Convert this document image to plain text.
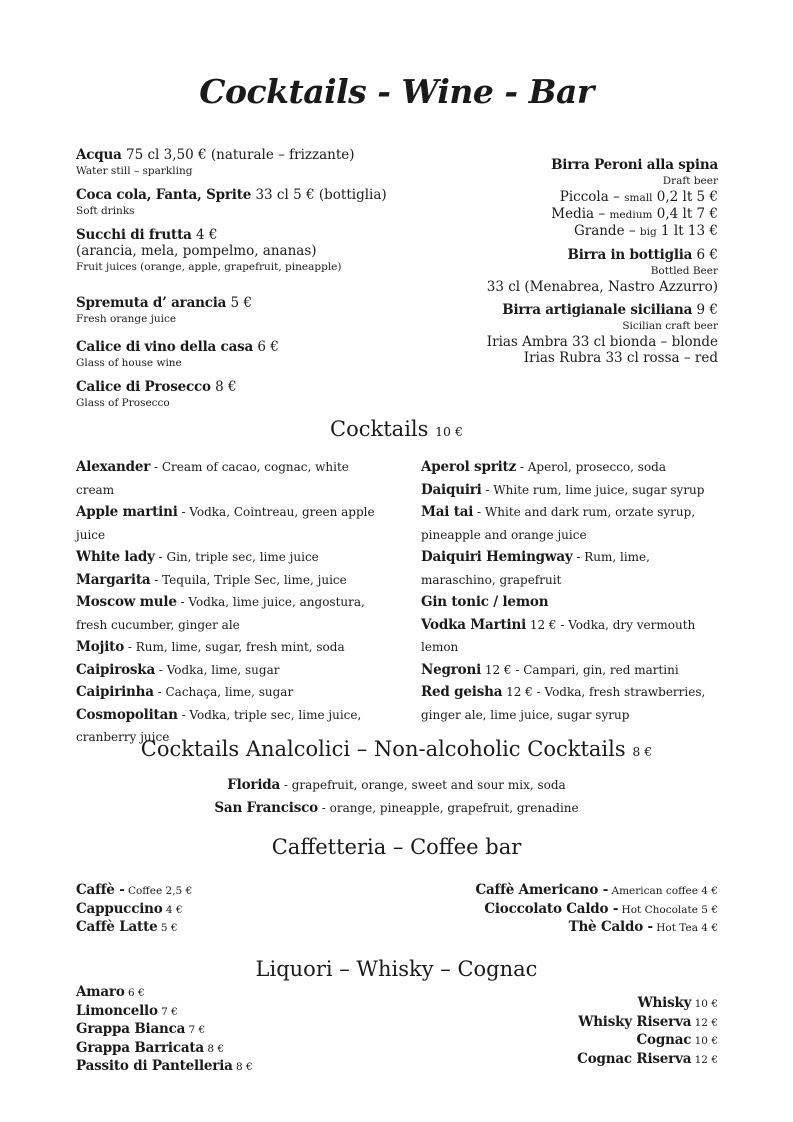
Cocktails - Wine - Bar

Acqua 75 cl 3,50 € (naturale – frizzante)

Water still – sparkling

Coca cola, Fanta, Sprite 33 cl 5 € (bottiglia)

Soft drinks

Succhi di frutta 4 €

(arancia, mela, pompelmo, ananas)

Fruit juices (orange, apple, grapefruit, pineapple)

Spremuta d’ arancia 5 €

Fresh orange juice

Calice di vino della casa 6 €

Glass of house wine

Calice di Prosecco 8 €

Glass of Prosecco

Birra Peroni alla spina

Draft beer

Piccola – small 0,2 lt 5 €

Media – medium 0,4 lt 7 €

Grande – big 1 lt 13 €

Birra in bottiglia 6 €

Bottled Beer

33 cl (Menabrea, Nastro Azzurro)

Birra artigianale siciliana 9 €

Sicilian craft beer

Irias Ambra 33 cl bionda – blonde

Irias Rubra 33 cl rossa – red

Cocktails 10 €

Alexander - Cream of cacao, cognac, white cream

Apple martini - Vodka, Cointreau, green apple juice

White lady - Gin, triple sec, lime juice

Margarita - Tequila, Triple Sec, lime, juice

Moscow mule - Vodka, lime juice, angostura, fresh cucumber, ginger ale

Mojito - Rum, lime, sugar, fresh mint, soda

Caipiroska - Vodka, lime, sugar

Caipirinha - Cachaça, lime, sugar

Cosmopolitan - Vodka, triple sec, lime juice, cranberry juice

Aperol spritz - Aperol, prosecco, soda

Daiquiri - White rum, lime juice, sugar syrup

Mai tai - White and dark rum, orzate syrup, pineapple and orange juice

Daiquiri Hemingway - Rum, lime, maraschino, grapefruit

Gin tonic / lemon

Vodka Martini 12 € - Vodka, dry vermouth lemon

Negroni 12 € - Campari, gin, red martini

Red geisha 12 € - Vodka, fresh strawberries, ginger ale, lime juice, sugar syrup

Cocktails Analcolici – Non-alcoholic Cocktails 8 €

Florida - grapefruit, orange, sweet and sour mix, soda

San Francisco - orange, pineapple, grapefruit, grenadine

Caffetteria – Coffee bar

Caffè - Coffee 2,5 €

Cappuccino 4 €

Caffè Latte 5 €

Caffè Americano - American coffee 4 €

Cioccolato Caldo - Hot Chocolate 5 €

Thè Caldo - Hot Tea 4 €

Liquori – Whisky – Cognac

Amaro 6 €

Limoncello 7 €

Grappa Bianca 7 €

Grappa Barricata 8 €

Passito di Pantelleria 8 €

Whisky 10 €

Whisky Riserva 12 €

Cognac 10 €

Cognac Riserva 12 €
